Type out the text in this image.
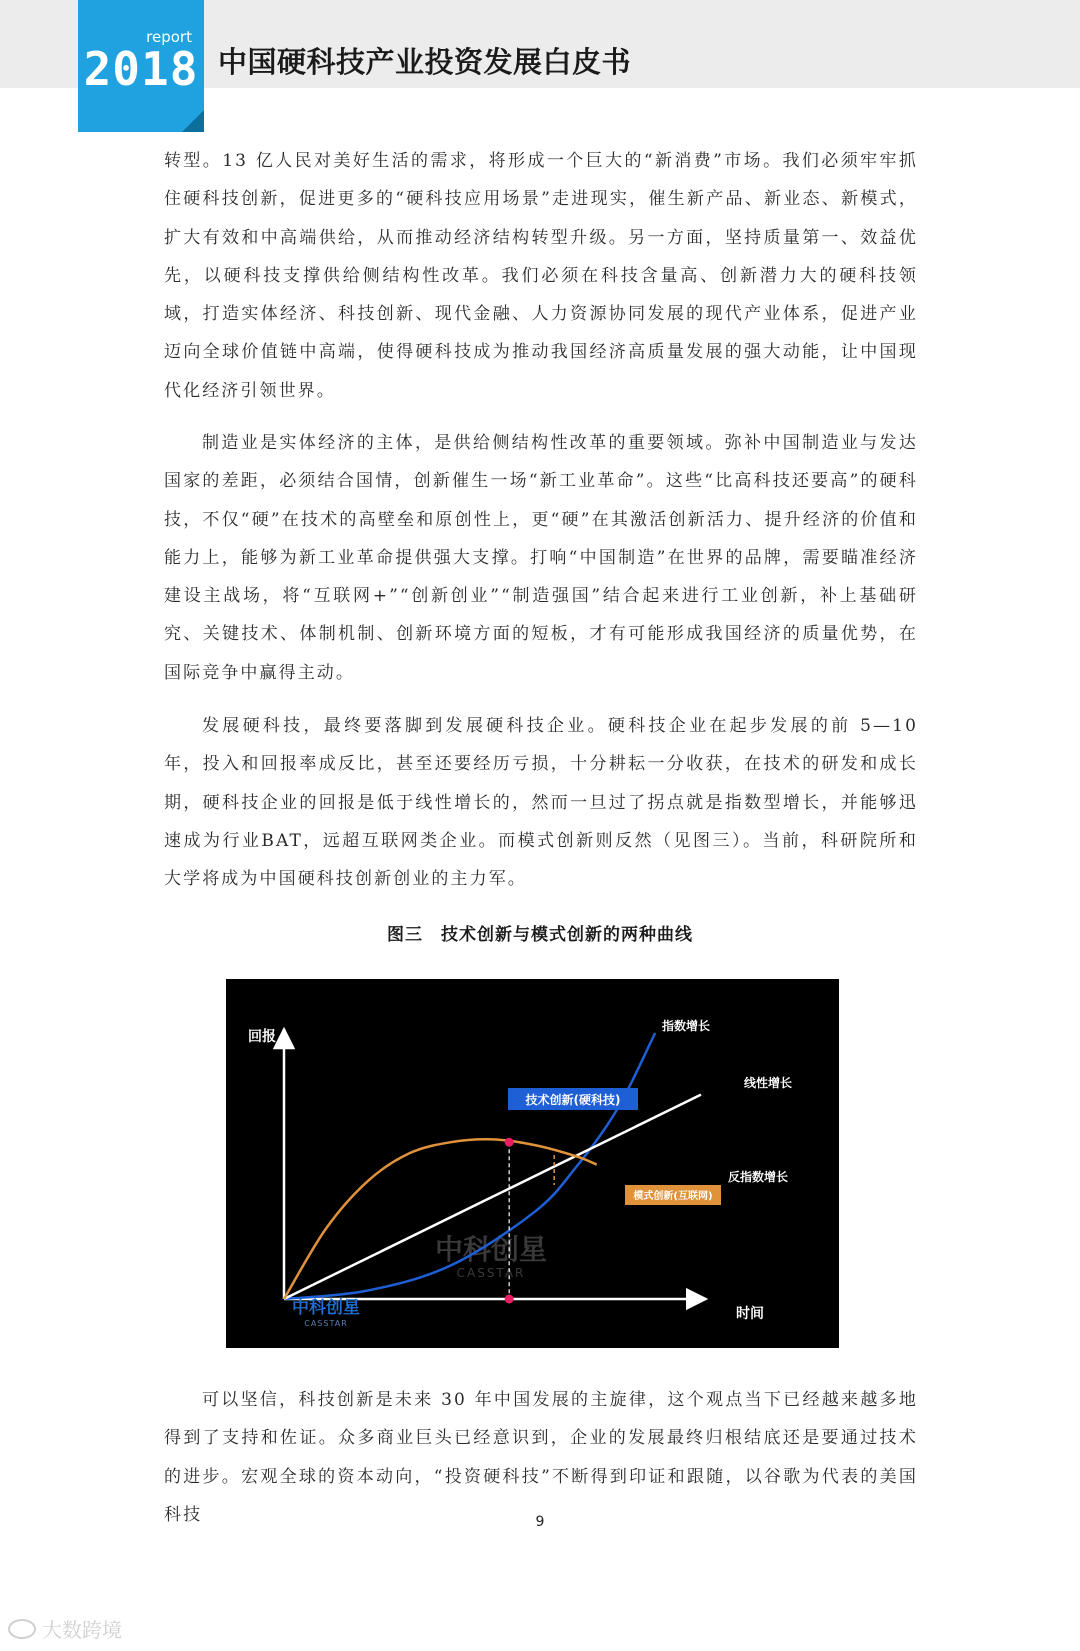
report
2018 中国硬科技产业投资发展白皮书

转型。13 亿人民对美好生活的需求，将形成一个巨大的“新消费”市场。我们必须牢牢抓住硬科技创新，促进更多的“硬科技应用场景”走进现实，催生新产品、新业态、新模式，扩大有效和中高端供给，从而推动经济结构转型升级。另一方面，坚持质量第一、效益优先，以硬科技支撑供给侧结构性改革。我们必须在科技含量高、创新潜力大的硬科技领域，打造实体经济、科技创新、现代金融、人力资源协同发展的现代产业体系，促进产业迈向全球价值链中高端，使得硬科技成为推动我国经济高质量发展的强大动能，让中国现代化经济引领世界。

制造业是实体经济的主体，是供给侧结构性改革的重要领域。弥补中国制造业与发达国家的差距，必须结合国情，创新催生一场“新工业革命”。这些“比高科技还要高”的硬科技，不仅“硬”在技术的高壁垒和原创性上，更“硬”在其激活创新活力、提升经济的价值和能力上，能够为新工业革命提供强大支撑。打响“中国制造”在世界的品牌，需要瞄准经济建设主战场，将“互联网+”“创新创业”“制造强国”结合起来进行工业创新，补上基础研究、关键技术、体制机制、创新环境方面的短板，才有可能形成我国经济的质量优势，在国际竞争中赢得主动。

发展硬科技，最终要落脚到发展硬科技企业。硬科技企业在起步发展的前 5—10 年，投入和回报率成反比，甚至还要经历亏损，十分耕耘一分收获，在技术的研发和成长期，硬科技企业的回报是低于线性增长的，然而一旦过了拐点就是指数型增长，并能够迅速成为行业BAT，远超互联网类企业。而模式创新则反然（见图三）。当前，科研院所和大学将成为中国硬科技创新创业的主力军。

图三　技术创新与模式创新的两种曲线
中科创星
CASSTAR
回报
时间
技术创新(硬科技)
模式创新(互联网)
指数增长
线性增长
反指数增长
中科创星
CASSTAR

可以坚信，科技创新是未来 30 年中国发展的主旋律，这个观点当下已经越来越多地得到了支持和佐证。众多商业巨头已经意识到，企业的发展最终归根结底还是要通过技术的进步。宏观全球的资本动向，“投资硬科技”不断得到印证和跟随，以谷歌为代表的美国科技	9
大数跨境
